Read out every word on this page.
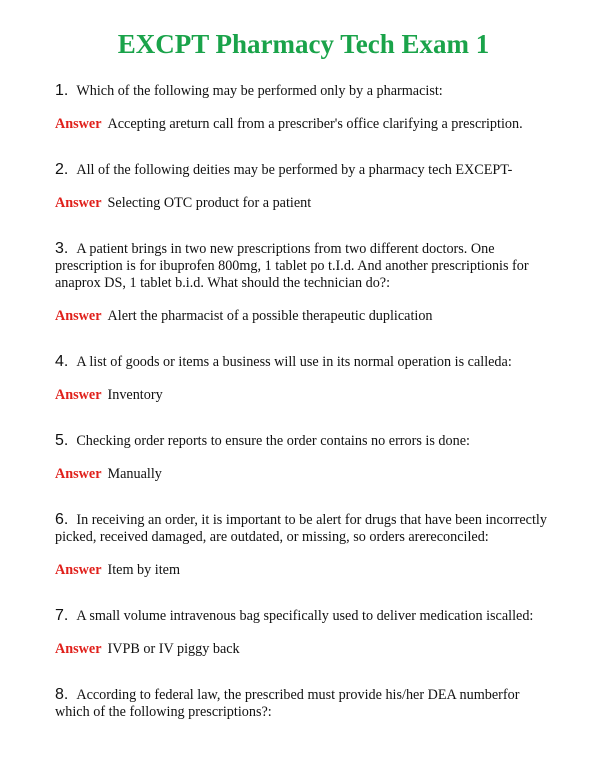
EXCPT Pharmacy Tech Exam 1

1. Which of the following may be performed only by a pharmacist:

Answer Accepting areturn call from a prescriber's office clarifying a prescription.

2. All of the following deities may be performed by a pharmacy tech EXCEPT-

Answer Selecting OTC product for a patient

3. A patient brings in two new prescriptions from two different doctors. One prescription is for ibuprofen 800mg, 1 tablet po t.I.d. And another prescriptionis for anaprox DS, 1 tablet b.i.d. What should the technician do?:

Answer Alert the pharmacist of a possible therapeutic duplication

4. A list of goods or items a business will use in its normal operation is calleda:

Answer Inventory

5. Checking order reports to ensure the order contains no errors is done:

Answer Manually

6. In receiving an order, it is important to be alert for drugs that have been incorrectly picked, received damaged, are outdated, or missing, so orders arereconciled:

Answer Item by item

7. A small volume intravenous bag specifically used to deliver medication iscalled:

Answer IVPB or IV piggy back

8. According to federal law, the prescribed must provide his/her DEA numberfor which of the following prescriptions?:
